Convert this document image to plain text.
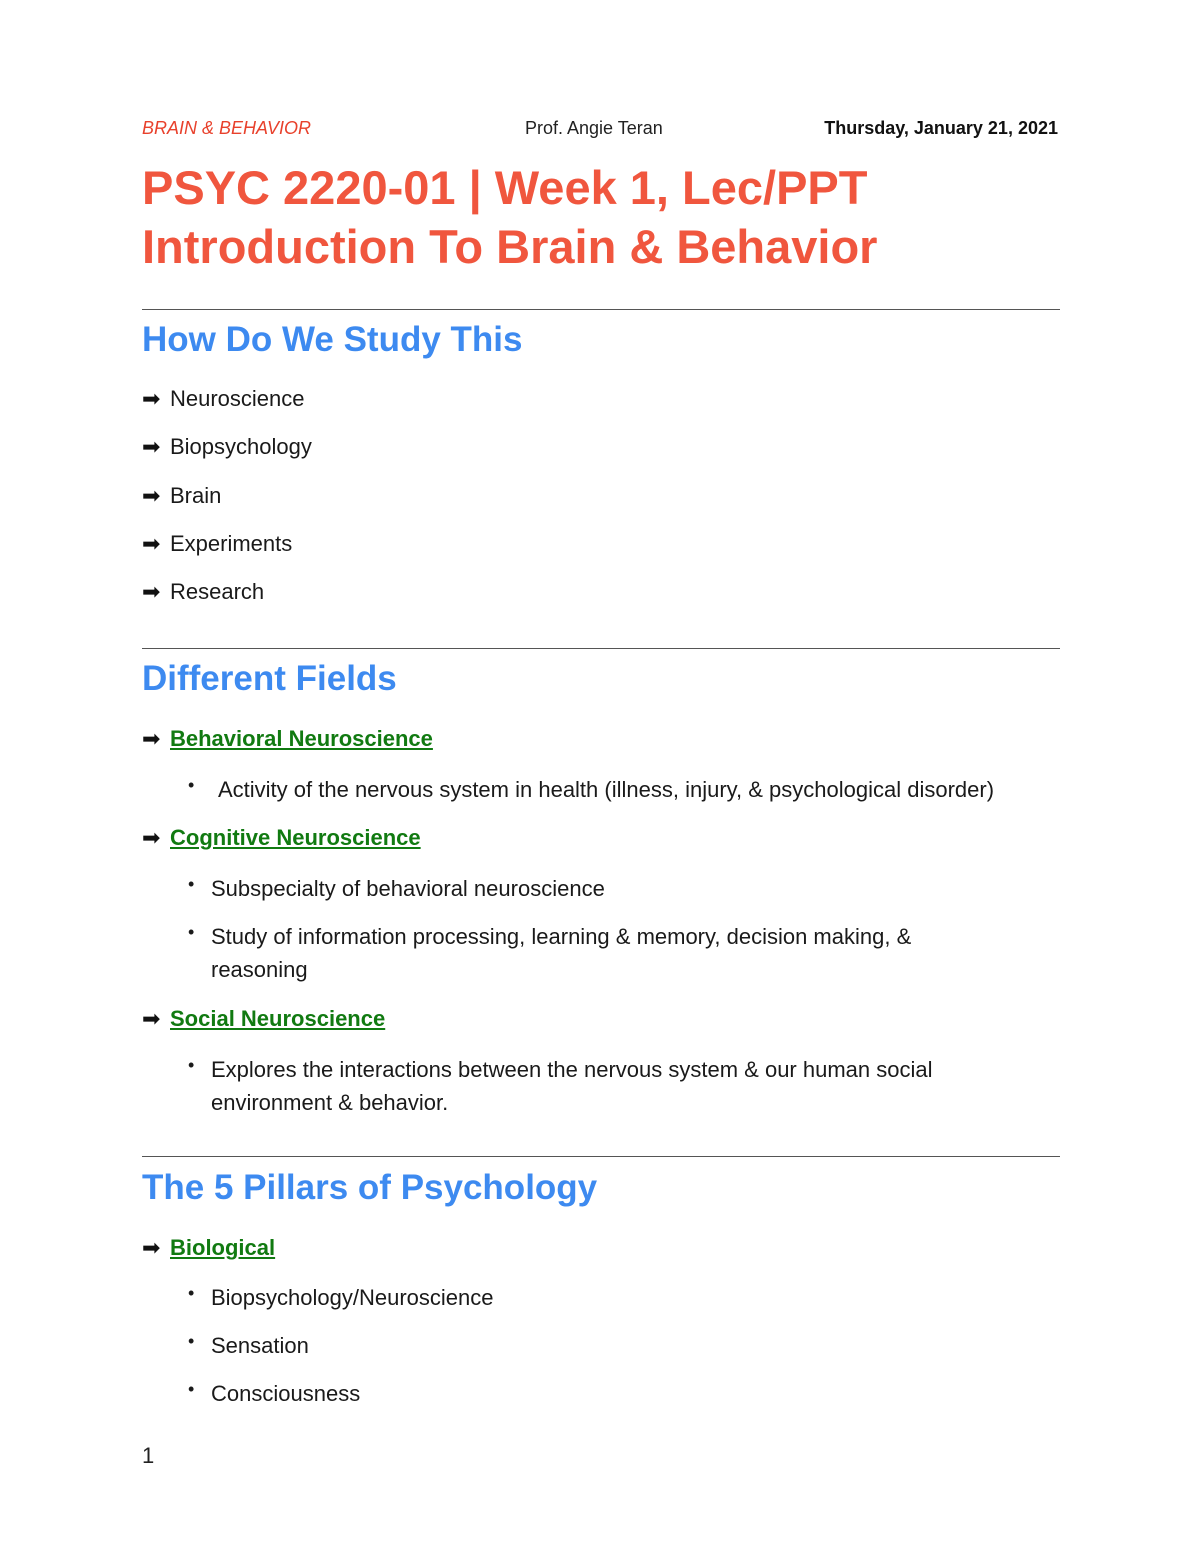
BRAIN & BEHAVIOR	Prof. Angie Teran	Thursday, January 21, 2021
PSYC 2220-01 | Week 1, Lec/PPT
Introduction To Brain & Behavior
How Do We Study This
➡ Neuroscience
➡ Biopsychology
➡ Brain
➡ Experiments
➡ Research
Different Fields
➡ Behavioral Neuroscience
•	Activity of the nervous system in health (illness, injury, & psychological disorder)
➡ Cognitive Neuroscience
• Subspecialty of behavioral neuroscience
• Study of information processing, learning & memory, decision making, & reasoning
➡ Social Neuroscience
• Explores the interactions between the nervous system & our human social environment & behavior.
The 5 Pillars of Psychology
➡ Biological
• Biopsychology/Neuroscience
• Sensation
• Consciousness
1
